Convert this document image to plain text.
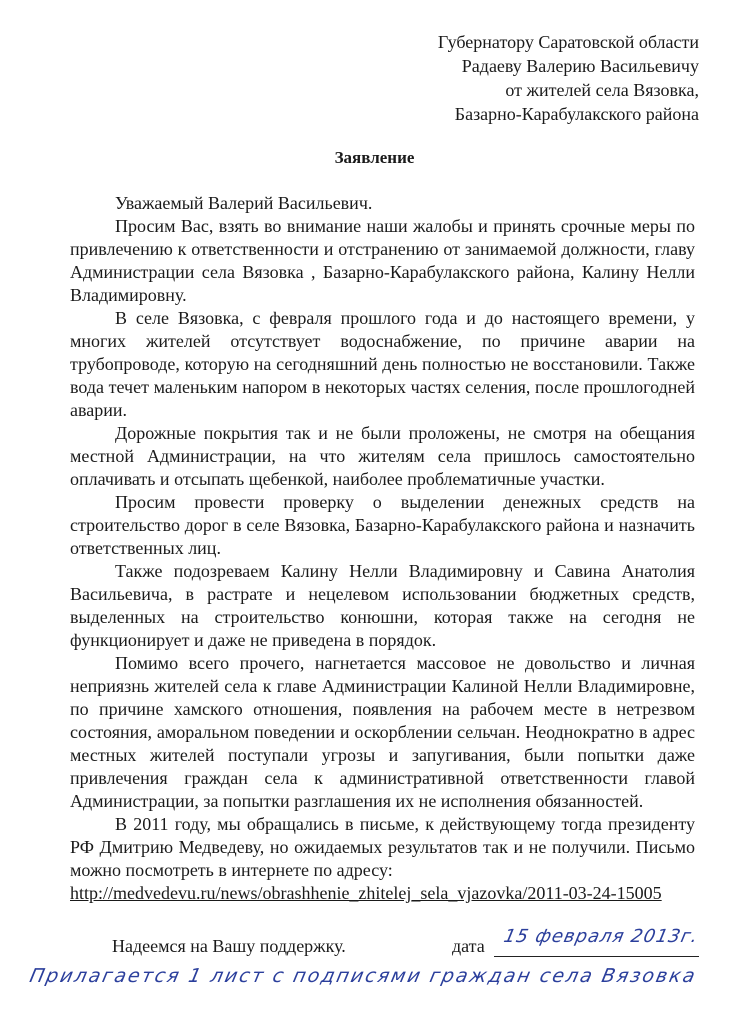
Губернатору Саратовской области
Радаеву Валерию Васильевичу
от жителей села Вязовка,
Базарно-Карабулакского района
Заявление

Уважаемый Валерий Васильевич.

Просим Вас, взять во внимание наши жалобы и принять срочные меры по привлечению к ответственности и отстранению от занимаемой должности, главу Администрации села Вязовка , Базарно-Карабулакского района, Калину Нелли Владимировну.

В селе Вязовка, с февраля прошлого года и до настоящего времени, у многих жителей отсутствует водоснабжение, по причине аварии на трубопроводе, которую на сегодняшний день полностью не восстановили. Также вода течет маленьким напором в некоторых частях селения, после прошлогодней аварии.

Дорожные покрытия так и не были проложены, не смотря на обещания местной Администрации, на что жителям села пришлось самостоятельно оплачивать и отсыпать щебенкой, наиболее проблематичные участки.

Просим провести проверку о выделении денежных средств на строительство дорог в селе Вязовка, Базарно-Карабулакского района и назначить ответственных лиц.

Также подозреваем Калину Нелли Владимировну и Савина Анатолия Васильевича, в растрате и нецелевом использовании бюджетных средств, выделенных на строительство конюшни, которая также на сегодня не функционирует и даже не приведена в порядок.

Помимо всего прочего, нагнетается массовое не довольство и личная неприязнь жителей села к главе Администрации Калиной Нелли Владимировне, по причине хамского отношения, появления на рабочем месте в нетрезвом состояния, аморальном поведении и оскорблении сельчан. Неоднократно в адрес местных жителей поступали угрозы и запугивания, были попытки даже привлечения граждан села к административной ответственности главой Администрации, за попытки разглашения их не исполнения обязанностей.

В 2011 году, мы обращались в письме, к действующему тогда президенту РФ Дмитрию Медведеву, но ожидаемых результатов так и не получили. Письмо можно посмотреть в интернете по адресу:

http://medvedevu.ru/news/obrashhenie_zhitelej_sela_vjazovka/2011-03-24-15005
Надеемся на Вашу поддержку.	дата 15 февраля 2013г.
Прилагается 1 лист с подписями граждан села Вязовка
